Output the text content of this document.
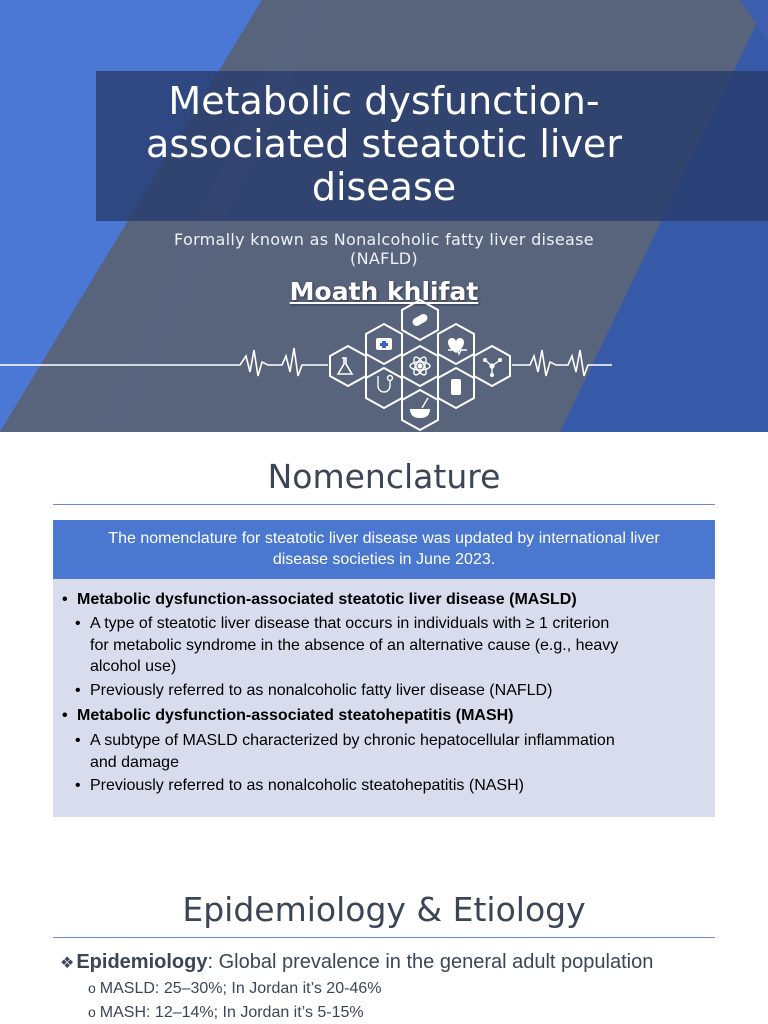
Metabolic dysfunction-
associated steatotic liver
disease
Formally known as Nonalcoholic fatty liver disease
(NAFLD)
Moath khlifat
Nomenclature
The nomenclature for steatotic liver disease was updated by international liver
disease societies in June 2023.
• Metabolic dysfunction-associated steatotic liver disease (MASLD)
• A type of steatotic liver disease that occurs in individuals with ≥ 1 criterion
for metabolic syndrome in the absence of an alternative cause (e.g., heavy
alcohol use)
• Previously referred to as nonalcoholic fatty liver disease (NAFLD)
• Metabolic dysfunction-associated steatohepatitis (MASH)
• A subtype of MASLD characterized by chronic hepatocellular inflammation
and damage
• Previously referred to as nonalcoholic steatohepatitis (NASH)
Epidemiology & Etiology
❖ Epidemiology: Global prevalence in the general adult population
o MASLD: 25–30%; In Jordan it’s 20-46%
o MASH: 12–14%; In Jordan it’s 5-15%
